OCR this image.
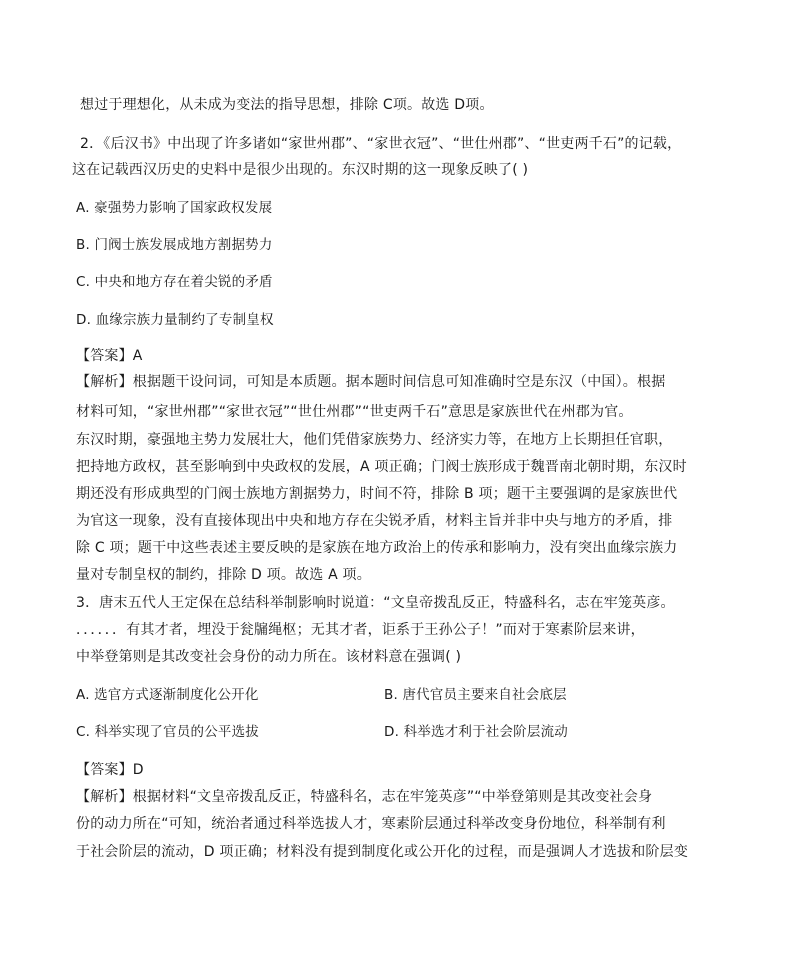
想过于理想化，从未成为变法的指导思想，排除 C项。故选 D项。
2．《后汉书》中出现了许多诸如“家世州郡”、“家世衣冠”、“世仕州郡”、“世吏两千石”的记载，
这在记载西汉历史的史料中是很少出现的。东汉时期的这一现象反映了( )
A. 豪强势力影响了国家政权发展
B. 门阀士族发展成地方割据势力
C. 中央和地方存在着尖锐的矛盾
D. 血缘宗族力量制约了专制皇权
【答案】A
【解析】根据题干设问词，可知是本质题。据本题时间信息可知准确时空是东汉（中国）。根据
材料可知，“家世州郡”“家世衣冠”“世仕州郡”“世吏两千石”意思是家族世代在州郡为官。
东汉时期，豪强地主势力发展壮大，他们凭借家族势力、经济实力等，在地方上长期担任官职，
把持地方政权，甚至影响到中央政权的发展，A 项正确；门阀士族形成于魏晋南北朝时期，东汉时
期还没有形成典型的门阀士族地方割据势力，时间不符，排除 B 项；题干主要强调的是家族世代
为官这一现象，没有直接体现出中央和地方存在尖锐矛盾，材料主旨并非中央与地方的矛盾，排
除 C 项；题干中这些表述主要反映的是家族在地方政治上的传承和影响力，没有突出血缘宗族力
量对专制皇权的制约，排除 D 项。故选 A 项。
3．唐末五代人王定保在总结科举制影响时说道：“文皇帝拨乱反正，特盛科名，志在牢笼英彦。
．．．．．．有其才者，埋没于瓮牖绳枢；无其才者，讵系于王孙公子！”而对于寒素阶层来讲，
中举登第则是其改变社会身份的动力所在。该材料意在强调( )
A. 选官方式逐渐制度化公开化	B. 唐代官员主要来自社会底层
C. 科举实现了官员的公平选拔	D. 科举选才利于社会阶层流动
【答案】D
【解析】根据材料“文皇帝拨乱反正，特盛科名，志在牢笼英彦”“中举登第则是其改变社会身
份的动力所在“可知，统治者通过科举选拔人才，寒素阶层通过科举改变身份地位，科举制有利
于社会阶层的流动，D 项正确；材料没有提到制度化或公开化的过程，而是强调人才选拔和阶层变
